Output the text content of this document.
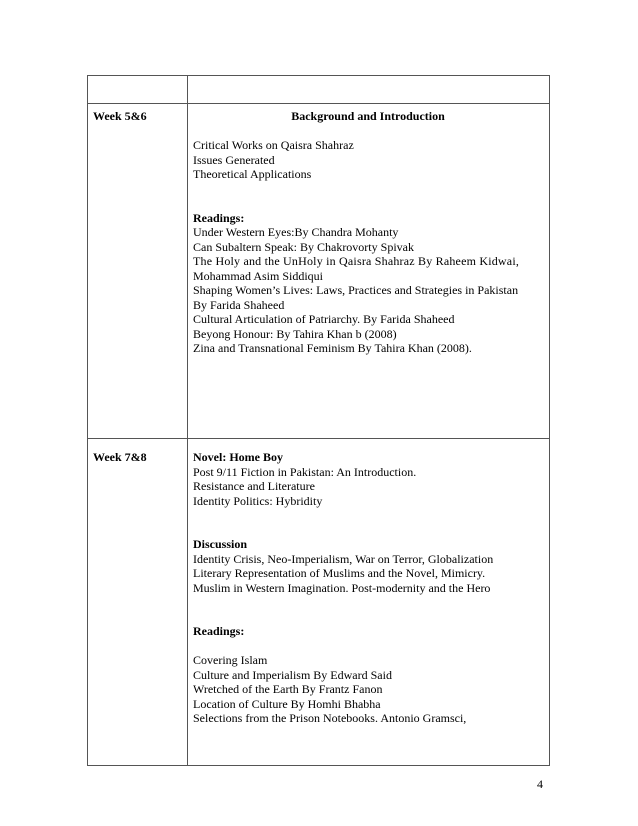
Week 5&6	Background and Introduction
Critical Works on Qaisra Shahraz
Issues Generated
Theoretical Applications
Readings:
Under Western Eyes:By Chandra Mohanty
Can Subaltern Speak: By Chakrovorty Spivak
The Holy and the UnHoly in Qaisra Shahraz By Raheem Kidwai,
Mohammad Asim Siddiqui
Shaping Women’s Lives: Laws, Practices and Strategies in Pakistan
By Farida Shaheed
Cultural Articulation of Patriarchy. By Farida Shaheed
Beyong Honour: By Tahira Khan b (2008)
Zina and Transnational Feminism By Tahira Khan (2008).
Week 7&8	Novel: Home Boy
Post 9/11 Fiction in Pakistan: An Introduction.
Resistance and Literature
Identity Politics: Hybridity
Discussion
Identity Crisis, Neo-Imperialism, War on Terror, Globalization
Literary Representation of Muslims and the Novel, Mimicry.
Muslim in Western Imagination. Post-modernity and the Hero
Readings:
Covering Islam
Culture and Imperialism By Edward Said
Wretched of the Earth By Frantz Fanon
Location of Culture By Homhi Bhabha
Selections from the Prison Notebooks. Antonio Gramsci,
4
